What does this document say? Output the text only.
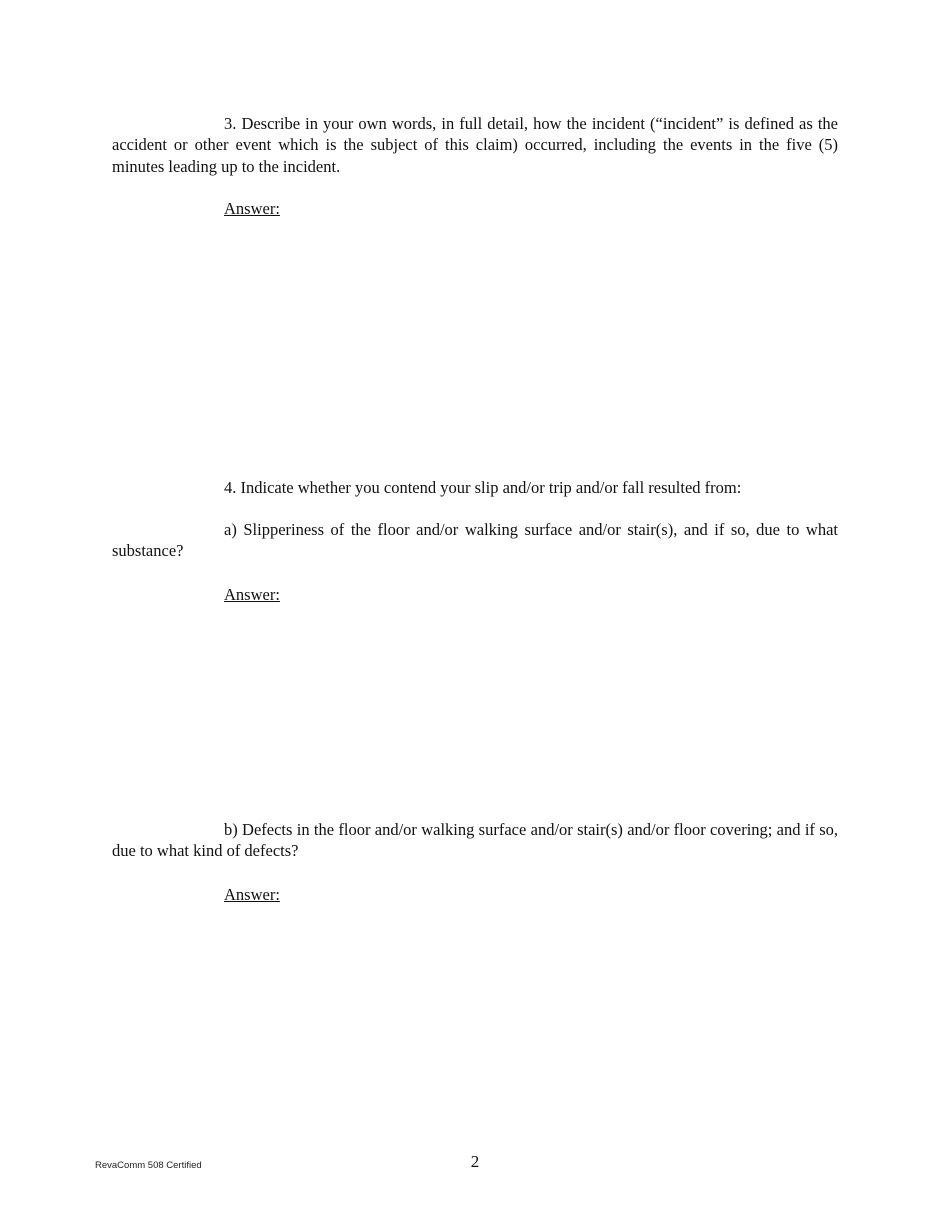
3. Describe in your own words, in full detail, how the incident (“incident” is defined as the accident or other event which is the subject of this claim) occurred, including the events in the five (5) minutes leading up to the incident.

Answer:

4. Indicate whether you contend your slip and/or trip and/or fall resulted from:

a) Slipperiness of the floor and/or walking surface and/or stair(s), and if so, due to what substance?

Answer:

b) Defects in the floor and/or walking surface and/or stair(s) and/or floor covering; and if so, due to what kind of defects?

Answer:

RevaComm 508 Certified	2
